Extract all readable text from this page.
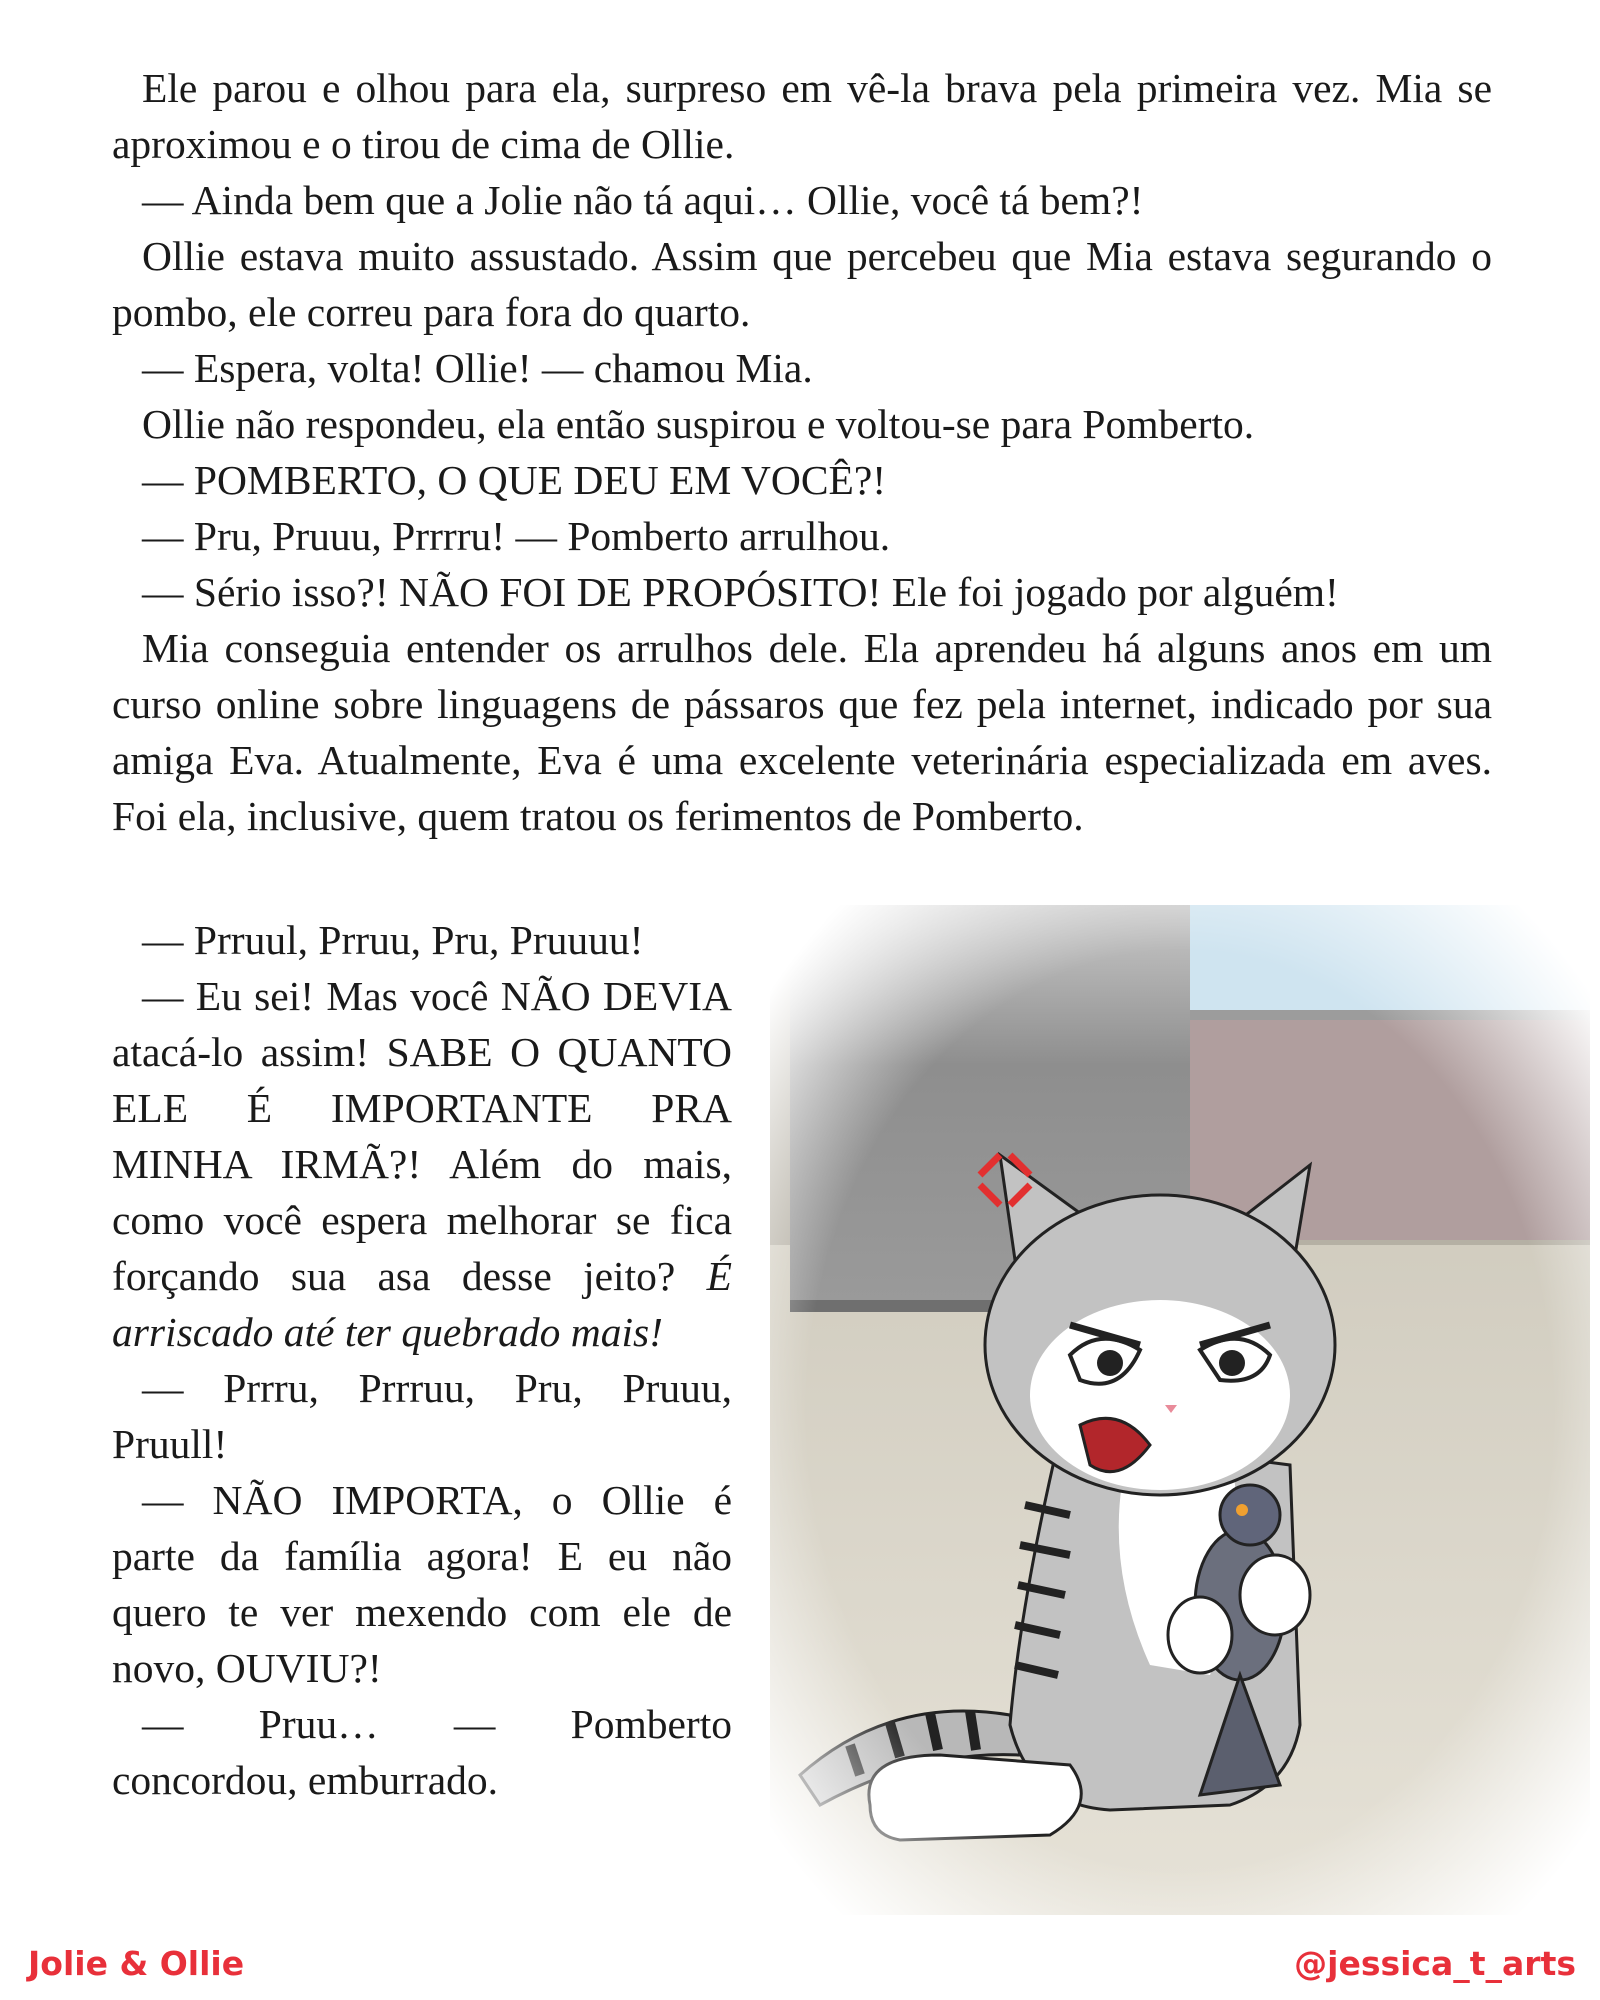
Ele parou e olhou para ela, surpreso em vê-la brava pela primeira vez. Mia se aproximou e o tirou de cima de Ollie.

— Ainda bem que a Jolie não tá aqui… Ollie, você tá bem?!

Ollie estava muito assustado. Assim que percebeu que Mia estava segurando o pombo, ele correu para fora do quarto.

— Espera, volta! Ollie! — chamou Mia.

Ollie não respondeu, ela então suspirou e voltou-se para Pomberto.

— POMBERTO, O QUE DEU EM VOCÊ?!

— Pru, Pruuu, Prrrru! — Pomberto arrulhou.

— Sério isso?! NÃO FOI DE PROPÓSITO! Ele foi jogado por alguém!

Mia conseguia entender os arrulhos dele. Ela aprendeu há alguns anos em um curso online sobre linguagens de pássaros que fez pela internet, indicado por sua amiga Eva. Atualmente, Eva é uma excelente veterinária especializada em aves. Foi ela, inclusive, quem tratou os ferimentos de Pomberto.

— Prruul, Prruu, Pru, Pruuuu!

— Eu sei! Mas você NÃO DEVIA atacá-lo assim! SABE O QUANTO ELE É IMPORTANTE PRA MINHA IRMÃ?! Além do mais, como você espera melhorar se fica forçando sua asa desse jeito? É arriscado até ter quebrado mais!

— Prrru, Prrruu, Pru, Pruuu, Pruull!

— NÃO IMPORTA, o Ollie é parte da família agora! E eu não quero te ver mexendo com ele de novo, OUVIU?!

— Pruu… — Pomberto concordou, emburrado.

Jolie & Ollie	@jessica_t_arts
